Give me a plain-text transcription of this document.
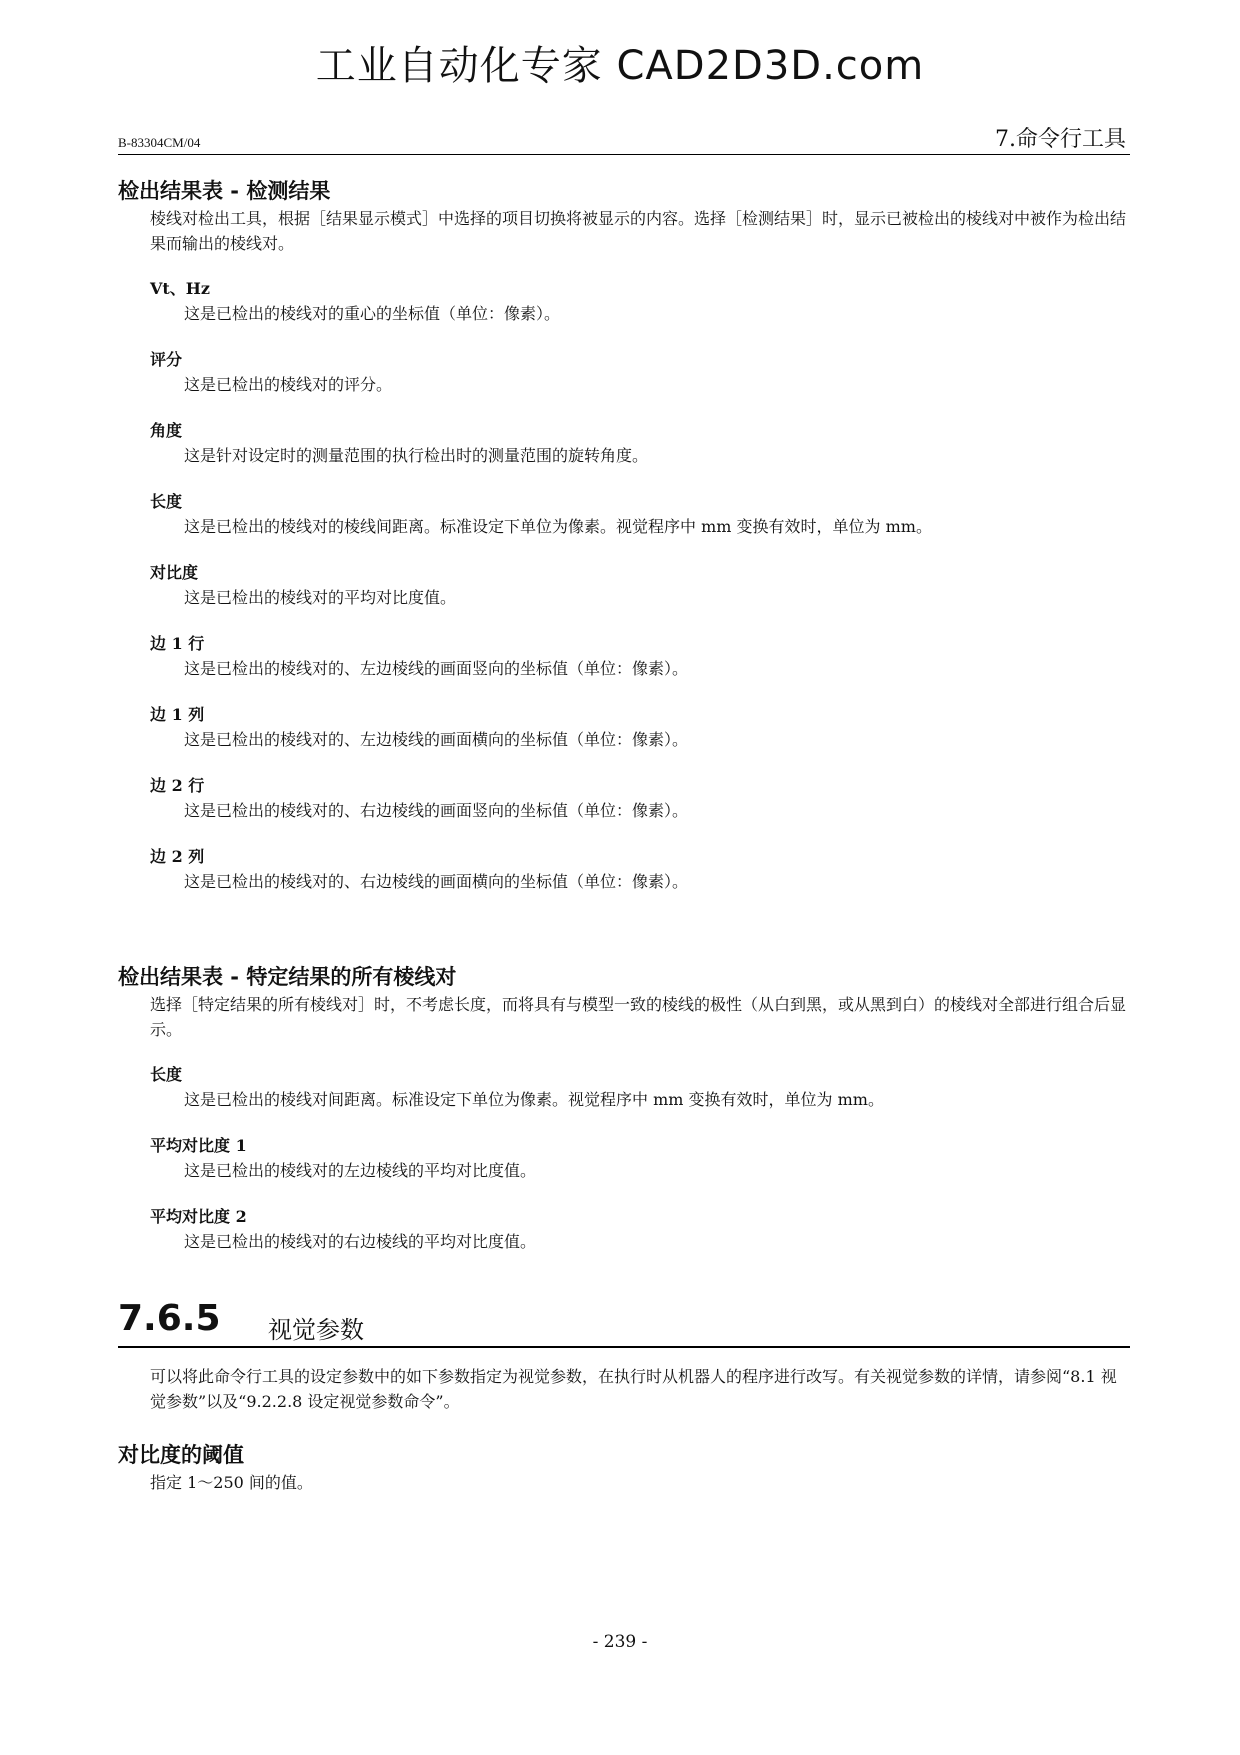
工业自动化专家 CAD2D3D.com
B-83304CM/04	7.命令行工具
检出结果表 - 检测结果

棱线对检出工具，根据［结果显示模式］中选择的项目切换将被显示的内容。选择［检测结果］时，显示已被检出的棱线对中被作为检出结果而输出的棱线对。

Vt、Hz
这是已检出的棱线对的重心的坐标值（单位：像素）。
评分
这是已检出的棱线对的评分。
角度
这是针对设定时的测量范围的执行检出时的测量范围的旋转角度。
长度
这是已检出的棱线对的棱线间距离。标准设定下单位为像素。视觉程序中 mm 变换有效时，单位为 mm。
对比度
这是已检出的棱线对的平均对比度值。
边 1 行
这是已检出的棱线对的、左边棱线的画面竖向的坐标值（单位：像素）。
边 1 列
这是已检出的棱线对的、左边棱线的画面横向的坐标值（单位：像素）。
边 2 行
这是已检出的棱线对的、右边棱线的画面竖向的坐标值（单位：像素）。
边 2 列
这是已检出的棱线对的、右边棱线的画面横向的坐标值（单位：像素）。
检出结果表 - 特定结果的所有棱线对

选择［特定结果的所有棱线对］时，不考虑长度，而将具有与模型一致的棱线的极性（从白到黑，或从黑到白）的棱线对全部进行组合后显示。

长度
这是已检出的棱线对间距离。标准设定下单位为像素。视觉程序中 mm 变换有效时，单位为 mm。
平均对比度 1
这是已检出的棱线对的左边棱线的平均对比度值。
平均对比度 2
这是已检出的棱线对的右边棱线的平均对比度值。
7.6.5 视觉参数

可以将此命令行工具的设定参数中的如下参数指定为视觉参数，在执行时从机器人的程序进行改写。有关视觉参数的详情，请参阅“8.1 视觉参数”以及“9.2.2.8 设定视觉参数命令”。

对比度的阈值

指定 1～250 间的值。

- 239 -
